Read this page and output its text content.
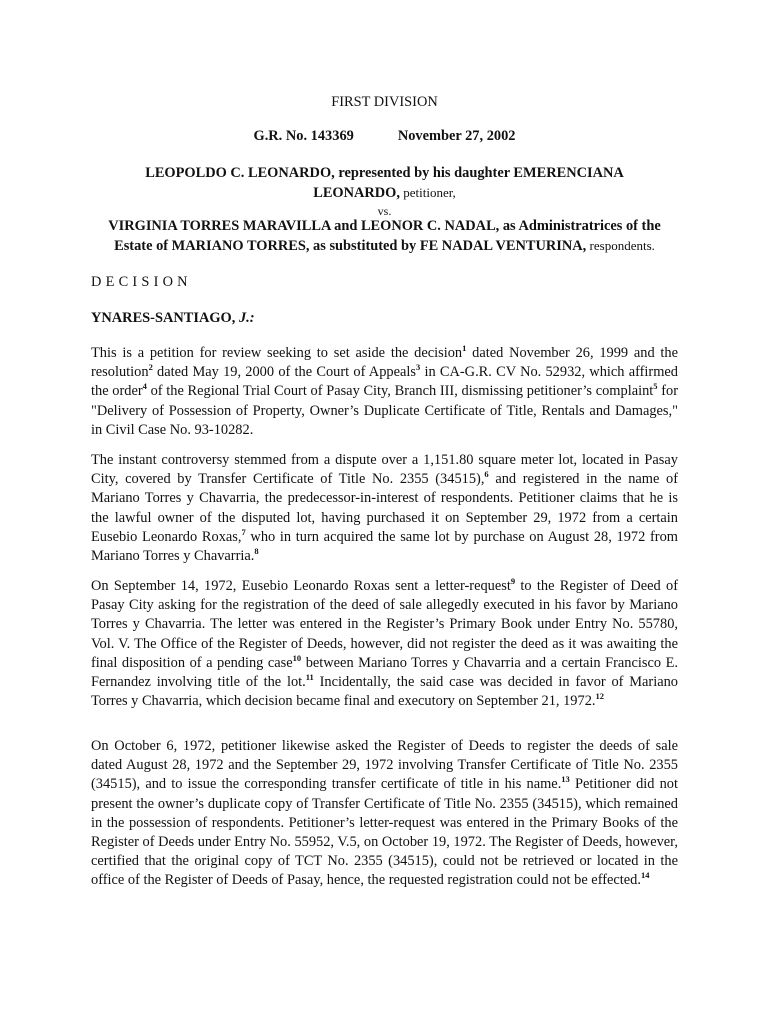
FIRST DIVISION
G.R. No. 143369	November 27, 2002
LEOPOLDO C. LEONARDO, represented by his daughter EMERENCIANA
LEONARDO, petitioner,
vs.
VIRGINIA TORRES MARAVILLA and LEONOR C. NADAL, as Administratrices of the
Estate of MARIANO TORRES, as substituted by FE NADAL VENTURINA, respondents.
DECISION
YNARES-SANTIAGO, J.:

This is a petition for review seeking to set aside the decision$^1$ dated November 26, 1999 and the resolution$^2$ dated May 19, 2000 of the Court of Appeals$^3$ in CA-G.R. CV No. 52932, which affirmed the order$^4$ of the Regional Trial Court of Pasay City, Branch III, dismissing petitioner’s complaint$^5$ for "Delivery of Possession of Property, Owner’s Duplicate Certificate of Title, Rentals and Damages," in Civil Case No. 93-10282.

The instant controversy stemmed from a dispute over a 1,151.80 square meter lot, located in Pasay City, covered by Transfer Certificate of Title No. 2355 (34515),$^6$ and registered in the name of Mariano Torres y Chavarria, the predecessor-in-interest of respondents. Petitioner claims that he is the lawful owner of the disputed lot, having purchased it on September 29, 1972 from a certain Eusebio Leonardo Roxas,$^7$ who in turn acquired the same lot by purchase on August 28, 1972 from Mariano Torres y Chavarria.$^8$

On September 14, 1972, Eusebio Leonardo Roxas sent a letter-request$^9$ to the Register of Deed of Pasay City asking for the registration of the deed of sale allegedly executed in his favor by Mariano Torres y Chavarria. The letter was entered in the Register’s Primary Book under Entry No. 55780, Vol. V. The Office of the Register of Deeds, however, did not register the deed as it was awaiting the final disposition of a pending case$^{10}$ between Mariano Torres y Chavarria and a certain Francisco E. Fernandez involving title of the lot.$^{11}$ Incidentally, the said case was decided in favor of Mariano Torres y Chavarria, which decision became final and executory on September 21, 1972.12

On October 6, 1972, petitioner likewise asked the Register of Deeds to register the deeds of sale dated August 28, 1972 and the September 29, 1972 involving Transfer Certificate of Title No. 2355 (34515), and to issue the corresponding transfer certificate of title in his name.$^{13}$ Petitioner did not present the owner’s duplicate copy of Transfer Certificate of Title No. 2355 (34515), which remained in the possession of respondents. Petitioner’s letter-request was entered in the Primary Books of the Register of Deeds under Entry No. 55952, V.5, on October 19, 1972. The Register of Deeds, however, certified that the original copy of TCT No. 2355 (34515), could not be retrieved or located in the office of the Register of Deeds of Pasay, hence, the requested registration could not be effected.$^{14}$
